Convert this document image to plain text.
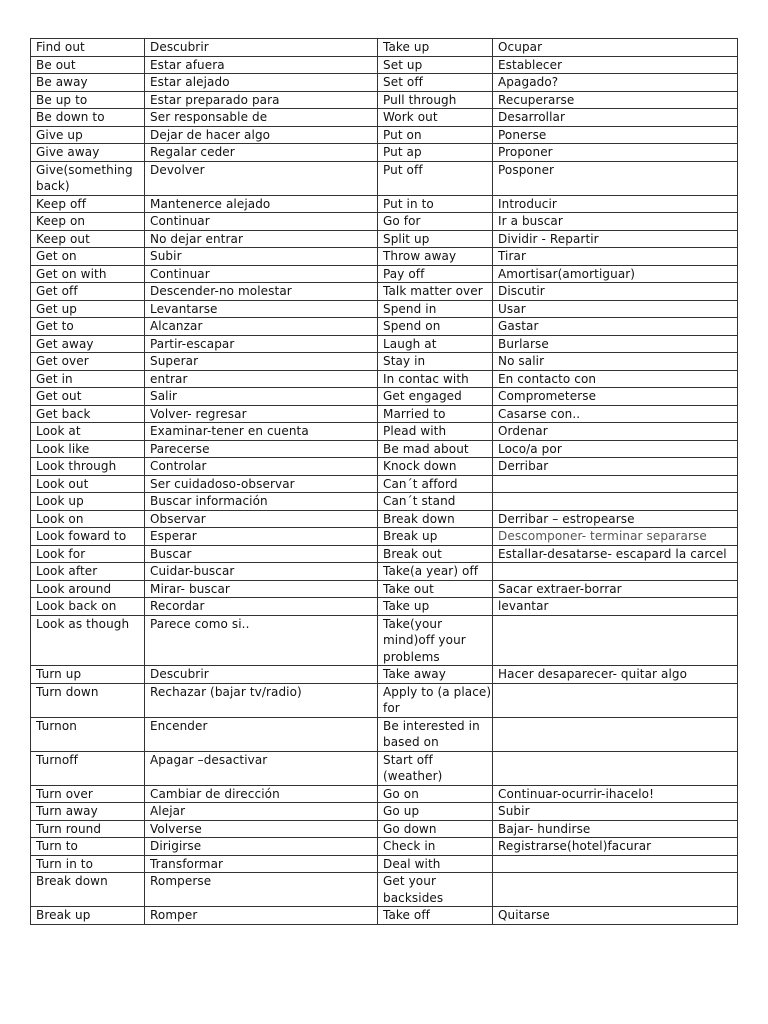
Find out	Descubrir	Take up	Ocupar
Be out	Estar afuera	Set up	Establecer
Be away	Estar alejado	Set off	Apagado?
Be up to	Estar preparado para	Pull through	Recuperarse
Be down to	Ser responsable de	Work out	Desarrollar
Give up	Dejar de hacer algo	Put on	Ponerse
Give away	Regalar ceder	Put ap	Proponer
Give(something back)	Devolver	Put off	Posponer
Keep off	Mantenerce alejado	Put in to	Introducir
Keep on	Continuar	Go for	Ir a buscar
Keep out	No dejar entrar	Split up	Dividir - Repartir
Get on	Subir	Throw away	Tirar
Get on with	Continuar	Pay off	Amortisar(amortiguar)
Get off	Descender-no molestar	Talk matter over	Discutir
Get up	Levantarse	Spend in	Usar
Get to	Alcanzar	Spend on	Gastar
Get away	Partir-escapar	Laugh at	Burlarse
Get over	Superar	Stay in	No salir
Get in	entrar	In contac with	En contacto con
Get out	Salir	Get engaged	Comprometerse
Get back	Volver- regresar	Married to	Casarse con..
Look at	Examinar-tener en cuenta	Plead with	Ordenar
Look like	Parecerse	Be mad about	Loco/a por
Look through	Controlar	Knock down	Derribar
Look out	Ser cuidadoso-observar	Can´t afford	
Look up	Buscar información	Can´t stand	
Look on	Observar	Break down	Derribar – estropearse
Look foward to	Esperar	Break up	Descomponer- terminar separarse
Look for	Buscar	Break out	Estallar-desatarse- escapard la carcel
Look after	Cuidar-buscar	Take(a year) off	
Look around	Mirar- buscar	Take out	Sacar extraer-borrar
Look back on	Recordar	Take up	levantar
Look as though	Parece como si..	Take(your mind)off your problems	
Turn up	Descubrir	Take away	Hacer desaparecer- quitar algo
Turn down	Rechazar (bajar tv/radio)	Apply to (a place) for	
Turnon	Encender	Be interested in based on	
Turnoff	Apagar –desactivar	Start off (weather)	
Turn over	Cambiar de dirección	Go on	Continuar-ocurrir-ihacelo!
Turn away	Alejar	Go up	Subir
Turn round	Volverse	Go down	Bajar- hundirse
Turn to	Dirigirse	Check in	Registrarse(hotel)facurar
Turn in to	Transformar	Deal with	
Break down	Romperse	Get your backsides	
Break up	Romper	Take off	Quitarse
